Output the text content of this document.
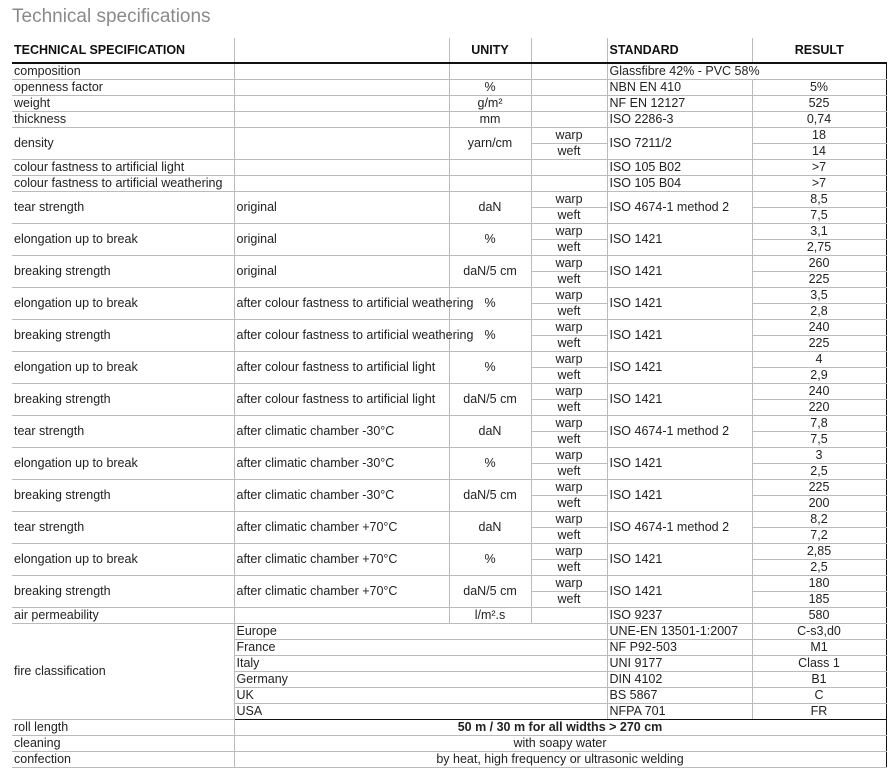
Technical specifications
TECHNICAL SPECIFICATION		UNITY		STANDARD	RESULT
composition				Glassfibre 42% - PVC 58%	
openness factor		%		NBN EN 410	5%
weight		g/m²		NF EN 12127	525
thickness		mm		ISO 2286-3	0,74
density		yarn/cm	warp	ISO 7211/2	18
			weft		14
colour fastness to artificial light				ISO 105 B02	>7
colour fastness to artificial weathering				ISO 105 B04	>7
tear strength	original	daN	warp	ISO 4674-1 method 2	8,5
			weft		7,5
elongation up to break	original	%	warp	ISO 1421	3,1
			weft		2,75
breaking strength	original	daN/5 cm	warp	ISO 1421	260
			weft		225
elongation up to break	after colour fastness to artificial weathering	%	warp	ISO 1421	3,5
			weft		2,8
breaking strength	after colour fastness to artificial weathering	%	warp	ISO 1421	240
			weft		225
elongation up to break	after colour fastness to artificial light	%	warp	ISO 1421	4
			weft		2,9
breaking strength	after colour fastness to artificial light	daN/5 cm	warp	ISO 1421	240
			weft		220
tear strength	after climatic chamber -30°C	daN	warp	ISO 4674-1 method 2	7,8
			weft		7,5
elongation up to break	after climatic chamber -30°C	%	warp	ISO 1421	3
			weft		2,5
breaking strength	after climatic chamber -30°C	daN/5 cm	warp	ISO 1421	225
			weft		200
tear strength	after climatic chamber +70°C	daN	warp	ISO 4674-1 method 2	8,2
			weft		7,2
elongation up to break	after climatic chamber +70°C	%	warp	ISO 1421	2,85
			weft		2,5
breaking strength	after climatic chamber +70°C	daN/5 cm	warp	ISO 1421	180
			weft		185
air permeability		l/m².s		ISO 9237	580
fire classification	Europe			UNE-EN 13501-1:2007	C-s3,d0
	France			NF P92-503	M1
	Italy			UNI 9177	Class 1
	Germany			DIN 4102	B1
	UK			BS 5867	C
	USA			NFPA 701	FR
roll length	50 m / 30 m for all widths > 270 cm				
cleaning	with soapy water				
confection	by heat, high frequency or ultrasonic welding				
